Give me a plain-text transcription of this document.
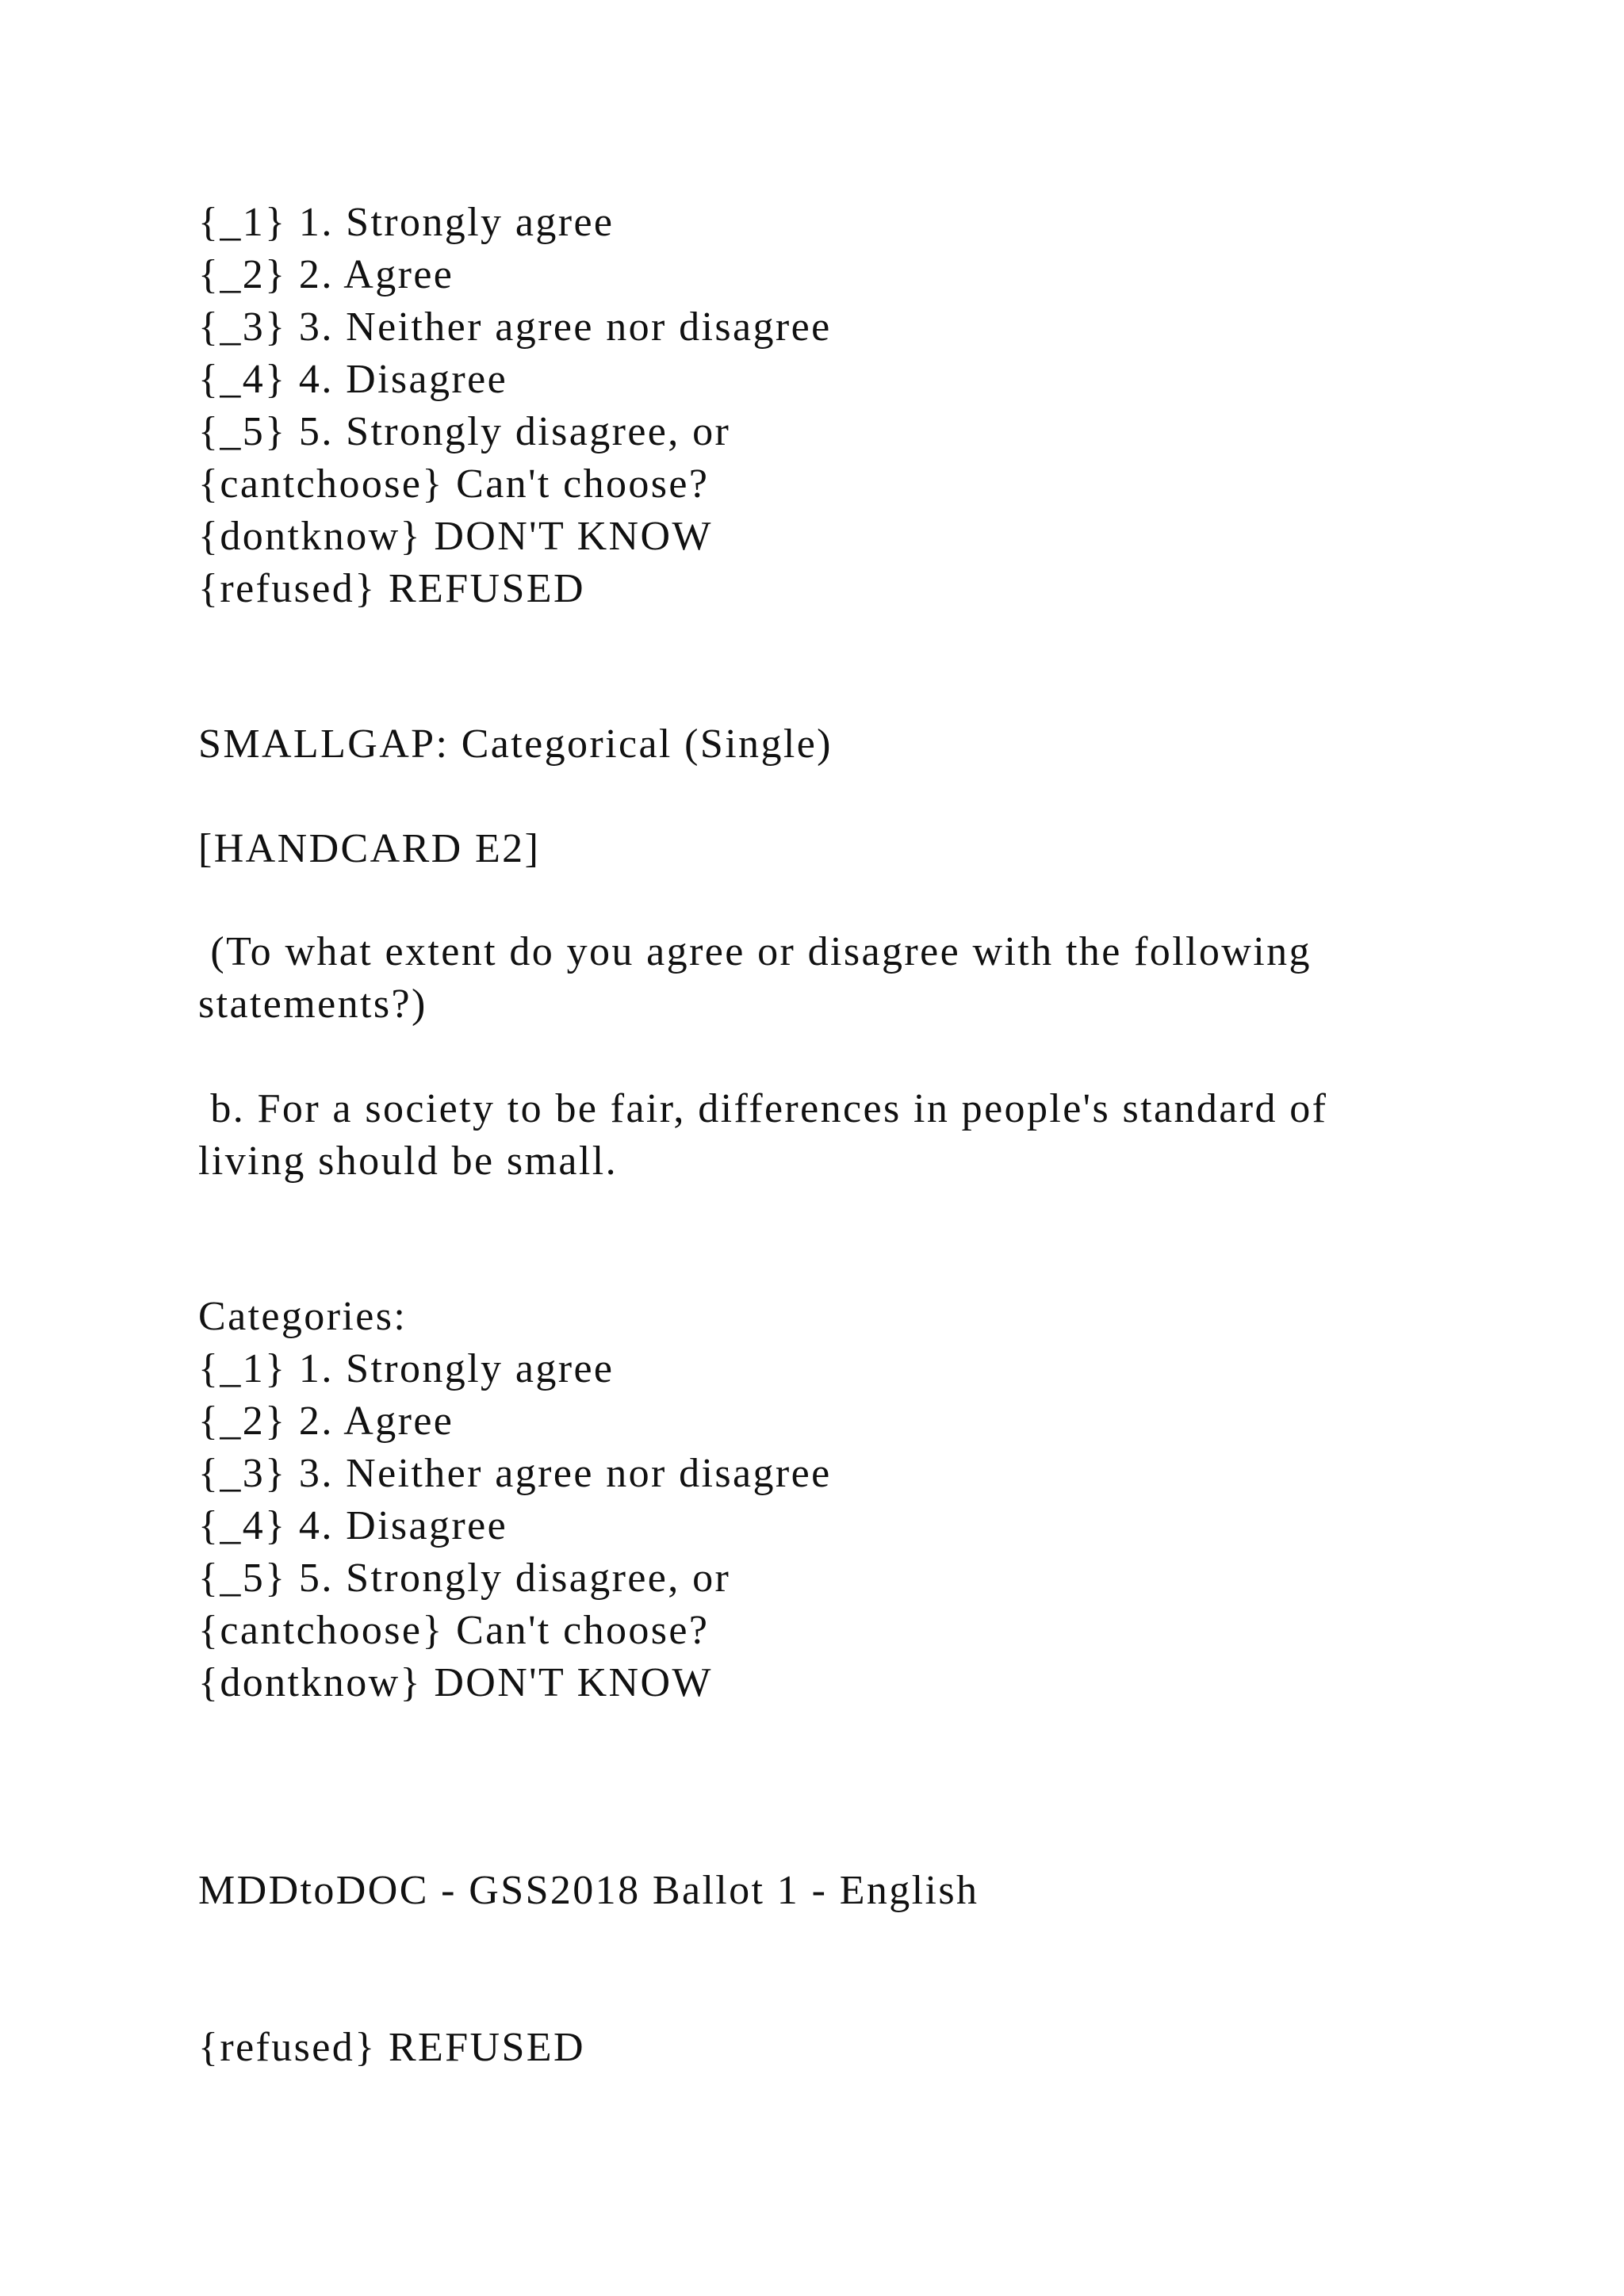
{_1} 1. Strongly agree

{_2} 2. Agree

{_3} 3. Neither agree nor disagree

{_4} 4. Disagree

{_5} 5. Strongly disagree, or

{cantchoose} Can't choose?

{dontknow} DON'T KNOW

{refused} REFUSED

SMALLGAP: Categorical (Single)

[HANDCARD E2]

(To what extent do you agree or disagree with the following

statements?)

b. For a society to be fair, differences in people's standard of

living should be small.

Categories:

{_1} 1. Strongly agree

{_2} 2. Agree

{_3} 3. Neither agree nor disagree

{_4} 4. Disagree

{_5} 5. Strongly disagree, or

{cantchoose} Can't choose?

{dontknow} DON'T KNOW

MDDtoDOC - GSS2018 Ballot 1 - English

{refused} REFUSED
